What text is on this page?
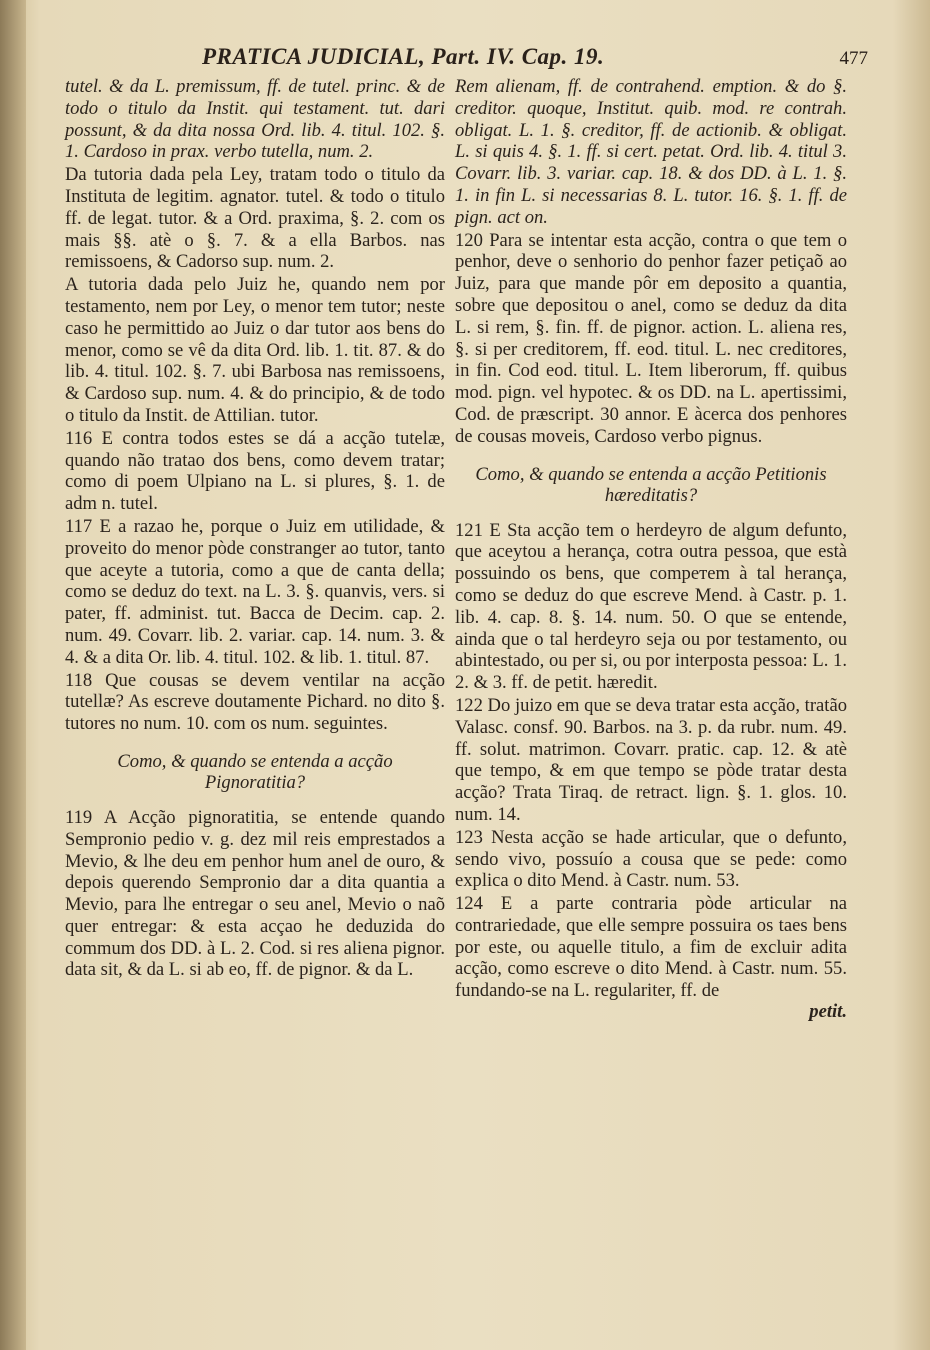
PRATICA JUDICIAL, Part. IV. Cap. 19.	477

tutel. & da L. premissum, ff. de tutel. princ. & de todo o titulo da Instit. qui testament. tut. dari possunt, & da dita nossa Ord. lib. 4. titul. 102. §. 1. Cardoso in prax. verbo tutella, num. 2.

Da tutoria dada pela Ley, tratam todo o titulo da Institutа de legitim. agnator. tutel. & todo o titulo ff. de legat. tutor. & a Ord. praxima, §. 2. com os mais §§. atè o §. 7. & a ella Barbos. nas remissoens, & Cadorso sup. num. 2.

A tutoria dada pelo Juiz he, quando nem por testamento, nem por Ley, o menor tem tutor; neste caso he permittido ao Juiz o dar tutor aos bens do menor, como se vê da dita Ord. lib. 1. tit. 87. & do lib. 4. titul. 102. §. 7. ubi Barbosa nas remissoens, & Cardoso sup. num. 4. & do principio, & de todo o titulo da Instit. de Attilian. tutor.

116 E contra todos estes se dá a acção tutelæ, quando não tratao dos bens, como devem tratar; como di poem Ulpiano na L. si plures, §. 1. de adm n. tutel.

117 E a razao he, porque o Juiz em utilidade, & proveito do menor pòde constranger ao tutor, tanto que aceyte a tutoria, como a que de canta della; como se deduz do text. na L. 3. §. quanvis, vers. si pater, ff. administ. tut. Bacca de Decim. cap. 2. num. 49. Covarr. lib. 2. variar. cap. 14. num. 3. & 4. & a dita Or. lib. 4. titul. 102. & lib. 1. titul. 87.

118 Que cousas se devem ventilar na acção tutellæ? As escreve doutamente Pichard. no dito §. tutores no num. 10. com os num. seguintes.

Como, & quando se entenda a acção Pignoratitia?

119 A Acção pignoratitia, se entende quando Sempronio pedio v. g. dez mil reis emprestados a Mevio, & lhe deu em penhor hum anel de ouro, & depois querendo Sempronio dar a dita quantia a Mevio, para lhe entregar o seu anel, Mevio o naõ quer entregar: & esta acçao he deduzida do commum dos DD. à L. 2. Cod. si res aliena pignor. data sit, & da L. si ab eo, ff. de pignor. & da L.

Rem alienam, ff. de contrahend. emption. & do §. creditor. quoque, Institut. quib. mod. re contrah. obligat. L. 1. §. creditor, ff. de actionib. & obligat. L. si quis 4. §. 1. ff. si cert. petat. Ord. lib. 4. titul 3. Covarr. lib. 3. variar. cap. 18. & dos DD. à L. 1. §. 1. in fin L. si necessarias 8. L. tutor. 16. §. 1. ff. de pign. act on.

120 Para se intentar esta acção, contra o que tem o penhor, deve o senhorio do penhor fazer petiçaõ ao Juiz, para que mande pôr em deposito a quantia, sobre que depositou o anel, como se deduz da dita L. si rem, §. fin. ff. de pignor. action. L. aliena res, §. si per creditorem, ff. eod. titul. L. nec creditores, in fin. Cod eod. titul. L. Item liberorum, ff. quibus mod. pign. vel hypotec. & os DD. na L. apertissimi, Cod. de præscript. 30 annor. E àcerca dos penhores de cousas moveis, Cardoso verbo pignus.

Como, & quando se entenda a acção Petitionis hæreditatis?

121 E Sta acção tem o herdeyro de algum defunto, que aceytou a herança, cotra outra pessoa, que està possuindo os bens, que compeтem à tal herança, como se deduz do que escreve Mend. à Castr. p. 1. lib. 4. cap. 8. §. 14. num. 50. O que se entende, ainda que o tal herdeyro seja ou por testamento, ou abintestado, ou per si, ou por interposta pessoa: L. 1. 2. & 3. ff. de petit. hæredit.

122 Do juizo em que se deva tratar esta acção, tratão Valasc. consf. 90. Barbos. na 3. p. da rubr. num. 49. ff. solut. matrimon. Covarr. pratic. cap. 12. & atè que tempo, & em que tempo se pòde tratar desta acção? Trata Tiraq. de retract. lign. §. 1. glos. 10. num. 14.

123 Nesta acção se hade articular, que o defunto, sendo vivo, possuío a cousa que se pede: como explica o dito Mend. à Castr. num. 53.

124 E a parte contraria pòde articular na contrariedade, que elle sempre possuira os taes bens por este, ou aquelle titulo, a fim de excluir adita acção, como escreve o dito Mend. à Castr. num. 55. fundando-se na L. regulariter, ff. de

petit.
